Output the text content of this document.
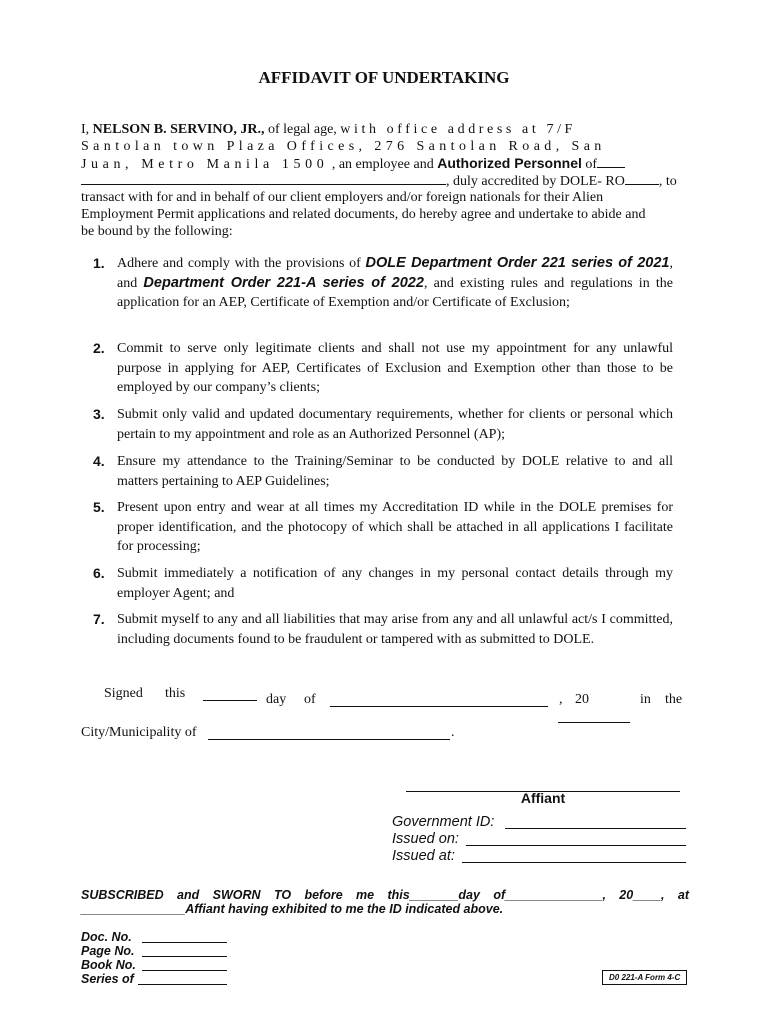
AFFIDAVIT OF UNDERTAKING
I, NELSON B. SERVINO, JR., of legal age, with office address at 7/F
Santolan town Plaza Offices, 276 Santolan Road, San
Juan, Metro Manila 1500 , an employee and Authorized Personnel of
, duly accredited by DOLE- RO , to
transact with for and in behalf of our client employers and/or foreign nationals for their Alien
Employment Permit applications and related documents, do hereby agree and undertake to abide and
be bound by the following:
1. Adhere and comply with the provisions of DOLE Department Order 221 series of 2021, and Department Order 221-A series of 2022, and existing rules and regulations in the application for an AEP, Certificate of Exemption and/or Certificate of Exclusion;
2. Commit to serve only legitimate clients and shall not use my appointment for any unlawful purpose in applying for AEP, Certificates of Exclusion and Exemption other than those to be employed by our company’s clients;
3. Submit only valid and updated documentary requirements, whether for clients or personal which pertain to my appointment and role as an Authorized Personnel (AP);
4. Ensure my attendance to the Training/Seminar to be conducted by DOLE relative to and all matters pertaining to AEP Guidelines;
5. Present upon entry and wear at all times my Accreditation ID while in the DOLE premises for proper identification, and the photocopy of which shall be attached in all applications I facilitate for processing;
6. Submit immediately a notification of any changes in my personal contact details through my employer Agent; and
7. Submit myself to any and all liabilities that may arise from any and all unlawful act/s I committed, including documents found to be fraudulent or tampered with as submitted to DOLE.
Signed this	day of	, 20	in the
City/Municipality of	.
Affiant
Government ID:
Issued on:
Issued at:
SUBSCRIBED and SWORN TO before me this_______day of______________, 20____, at
_______________Affiant having exhibited to me the ID indicated above.
Doc. No.
Page No.
Book No.
Series of	D0 221-A Form 4-C
